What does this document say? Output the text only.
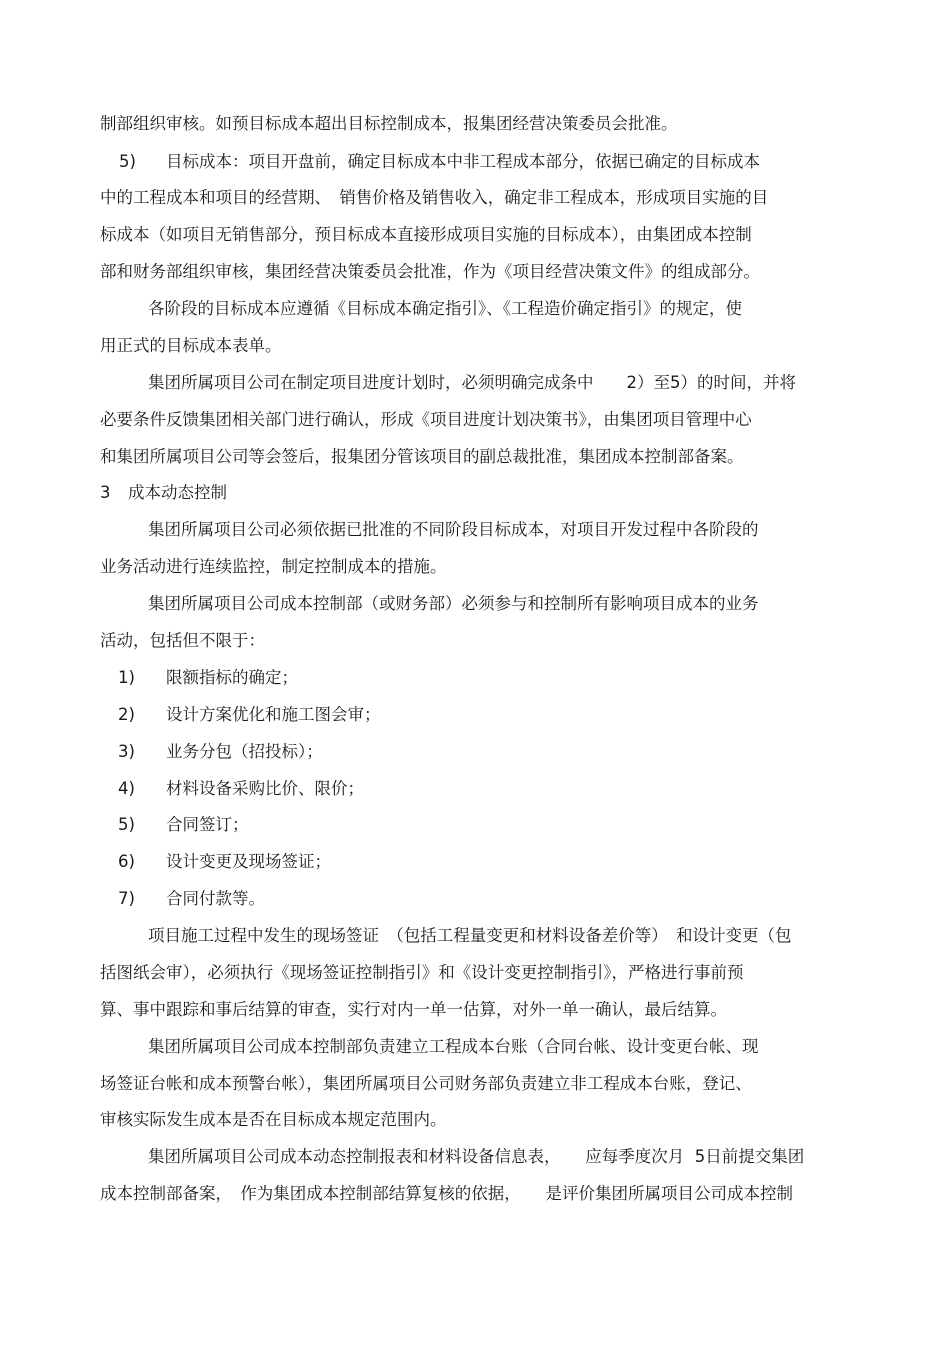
制部组织审核。如预目标成本超出目标控制成本，报集团经营决策委员会批准。
5) 目标成本：项目开盘前，确定目标成本中非工程成本部分，依据已确定的目标成本
中的工程成本和项目的经营期、　销售价格及销售收入，确定非工程成本，形成项目实施的目
标成本（如项目无销售部分，预目标成本直接形成项目实施的目标成本），由集团成本控制
部和财务部组织审核，集团经营决策委员会批准，作为《项目经营决策文件》的组成部分。
各阶段的目标成本应遵循《目标成本确定指引》、《工程造价确定指引》的规定，使
用正式的目标成本表单。
集团所属项目公司在制定项目进度计划时，必须明确完成条中　　2）至5）的时间，并将
必要条件反馈集团相关部门进行确认，形成《项目进度计划决策书》，由集团项目管理中心
和集团所属项目公司等会签后，报集团分管该项目的副总裁批准，集团成本控制部备案。
3 成本动态控制
集团所属项目公司必须依据已批准的不同阶段目标成本，对项目开发过程中各阶段的
业务活动进行连续监控，制定控制成本的措施。
集团所属项目公司成本控制部（或财务部）必须参与和控制所有影响项目成本的业务
活动，包括但不限于：
1) 限额指标的确定；
2) 设计方案优化和施工图会审；
3) 业务分包（招投标）；
4) 材料设备采购比价、限价；
5) 合同签订；
6) 设计变更及现场签证；
7) 合同付款等。
项目施工过程中发生的现场签证　（包括工程量变更和材料设备差价等）　和设计变更（包
括图纸会审），必须执行《现场签证控制指引》和《设计变更控制指引》，严格进行事前预
算、事中跟踪和事后结算的审查，实行对内一单一估算，对外一单一确认，最后结算。
集团所属项目公司成本控制部负责建立工程成本台账（合同台帐、设计变更台帐、现
场签证台帐和成本预警台帐），集团所属项目公司财务部负责建立非工程成本台账，登记、
审核实际发生成本是否在目标成本规定范围内。
集团所属项目公司成本动态控制报表和材料设备信息表，　　应每季度次月  5日前提交集团
成本控制部备案，　作为集团成本控制部结算复核的依据，　　是评价集团所属项目公司成本控制
